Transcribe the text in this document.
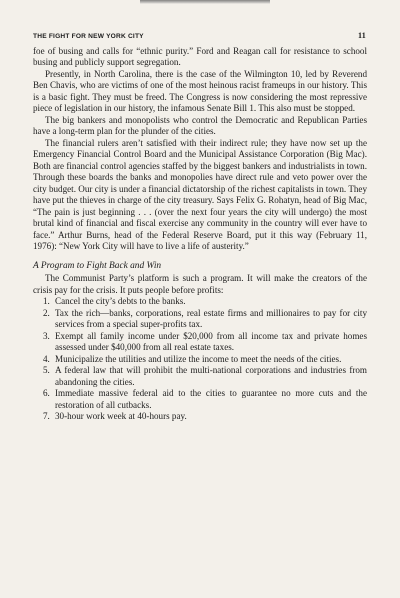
THE FIGHT FOR NEW YORK CITY	11

foe of busing and calls for “ethnic purity.” Ford and Reagan call for resistance to school busing and publicly support segregation.

Presently, in North Carolina, there is the case of the Wilmington 10, led by Reverend Ben Chavis, who are victims of one of the most heinous racist frameups in our history. This is a basic fight. They must be freed. The Congress is now considering the most repressive piece of legislation in our history, the infamous Senate Bill 1. This also must be stopped.

The big bankers and monopolists who control the Democratic and Republican Parties have a long-term plan for the plunder of the cities.

The financial rulers aren’t satisfied with their indirect rule; they have now set up the Emergency Financial Control Board and the Municipal Assistance Corporation (Big Mac). Both are financial control agencies staffed by the biggest bankers and industrialists in town. Through these boards the banks and monopolies have direct rule and veto power over the city budget. Our city is under a financial dictatorship of the richest capitalists in town. They have put the thieves in charge of the city treasury. Says Felix G. Rohatyn, head of Big Mac, “The pain is just beginning . . . (over the next four years the city will undergo) the most brutal kind of financial and fiscal exercise any community in the country will ever have to face.” Arthur Burns, head of the Federal Reserve Board, put it this way (February 11, 1976): “New York City will have to live a life of austerity.”

A Program to Fight Back and Win

The Communist Party’s platform is such a program. It will make the creators of the crisis pay for the crisis. It puts people before profits:

1. Cancel the city’s debts to the banks.
2. Tax the rich—banks, corporations, real estate firms and millionaires to pay for city services from a special super-profits tax.
3. Exempt all family income under $20,000 from all income tax and private homes assessed under $40,000 from all real estate taxes.
4. Municipalize the utilities and utilize the income to meet the needs of the cities.
5. A federal law that will prohibit the multi-national corporations and industries from abandoning the cities.
6. Immediate massive federal aid to the cities to guarantee no more cuts and the restoration of all cutbacks.
7. 30-hour work week at 40-hours pay.
